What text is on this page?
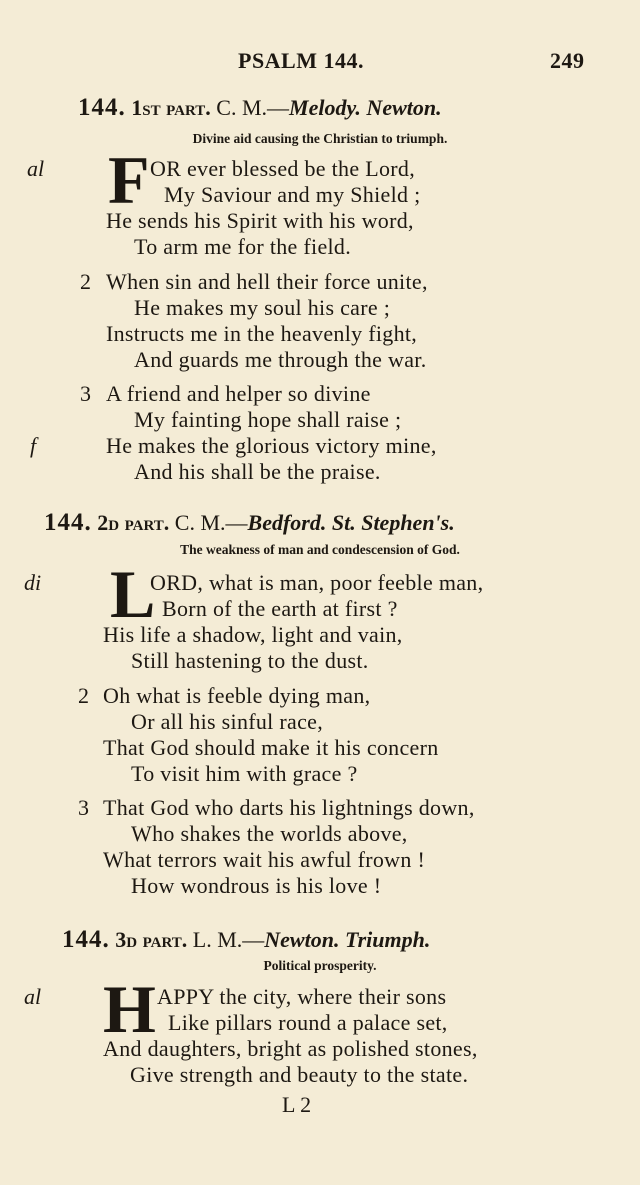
PSALM 144.	249
144. 1st part. C. M.—Melody. Newton.
Divine aid causing the Christian to triumph.
al F OR ever blessed be the Lord,
My Saviour and my Shield ;
He sends his Spirit with his word,
To arm me for the field.
2 When sin and hell their force unite,
He makes my soul his care ;
Instructs me in the heavenly fight,
And guards me through the war.
3 A friend and helper so divine
My fainting hope shall raise ;
f	He makes the glorious victory mine,
And his shall be the praise.
144. 2d part. C. M.—Bedford. St. Stephen's.
The weakness of man and condescension of God.
di L
ORD, what is man, poor feeble man,
Born of the earth at first ?
His life a shadow, light and vain,
Still hastening to the dust.
2 Oh what is feeble dying man,
Or all his sinful race,
That God should make it his concern
To visit him with grace ?
3 That God who darts his lightnings down,
Who shakes the worlds above,
What terrors wait his awful frown !
How wondrous is his love !
144. 3d part. L. M.—Newton. Triumph.
Political prosperity.
al H APPY the city, where their sons
Like pillars round a palace set,
And daughters, bright as polished stones,
Give strength and beauty to the state.
L 2
